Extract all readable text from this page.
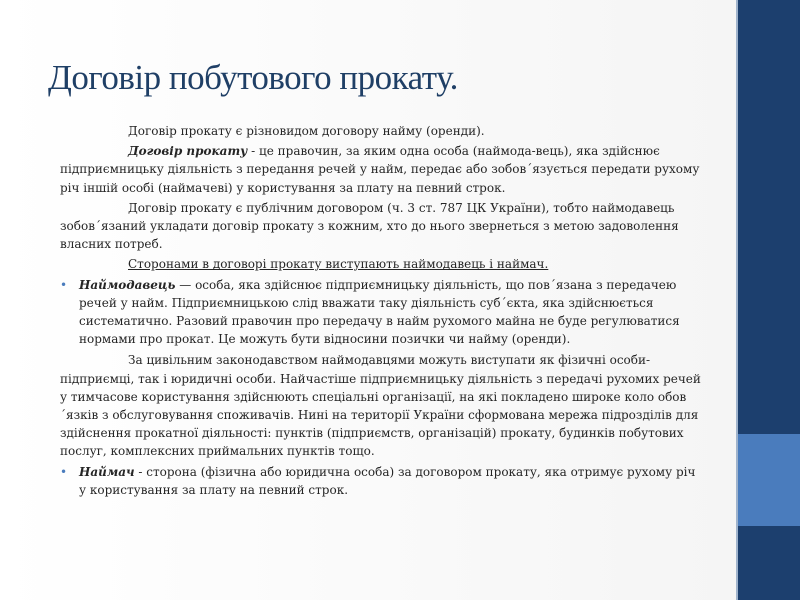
Договір побутового прокату.

Договір прокату є різновидом договору найму (оренди).

Договір прокату - це правочин, за яким одна особа (наймода-вець), яка здійснює підприємницьку діяльність з передання речей у найм, передає або зобов´язується передати рухому річ іншій особі (наймачеві) у користування за плату на певний строк.

Договір прокату є публічним договором (ч. 3 ст. 787 ЦК України), тобто наймодавець зобов´язаний укладати договір прокату з кожним, хто до нього звернеться з метою задоволення власних потреб.

Сторонами в договорі прокату виступають наймодавець і наймач.

• Наймодавець — особа, яка здійснює підприємницьку діяльність, що пов´язана з передачею речей у найм. Підприємницькою слід вважати таку діяльність суб´єкта, яка здійснюється систематично. Разовий правочин про передачу в найм рухомого майна не буде регулюватися нормами про прокат. Це можуть бути відносини позички чи найму (оренди).

За цивільним законодавством наймодавцями можуть виступати як фізичні особи-підприємці, так і юридичні особи. Найчастіше підприємницьку діяльність з передачі рухомих речей у тимчасове користування здійснюють спеціальні організації, на які покладено широке коло обов´язків з обслуговування споживачів. Нині на території України сформована мережа підрозділів для здійснення прокатної діяльності: пунктів (підприємств, організацій) прокату, будинків побутових послуг, комплексних приймальних пунктів тощо.

• Наймач - сторона (фізична або юридична особа) за договором прокату, яка отримує рухому річ у користування за плату на певний строк.
